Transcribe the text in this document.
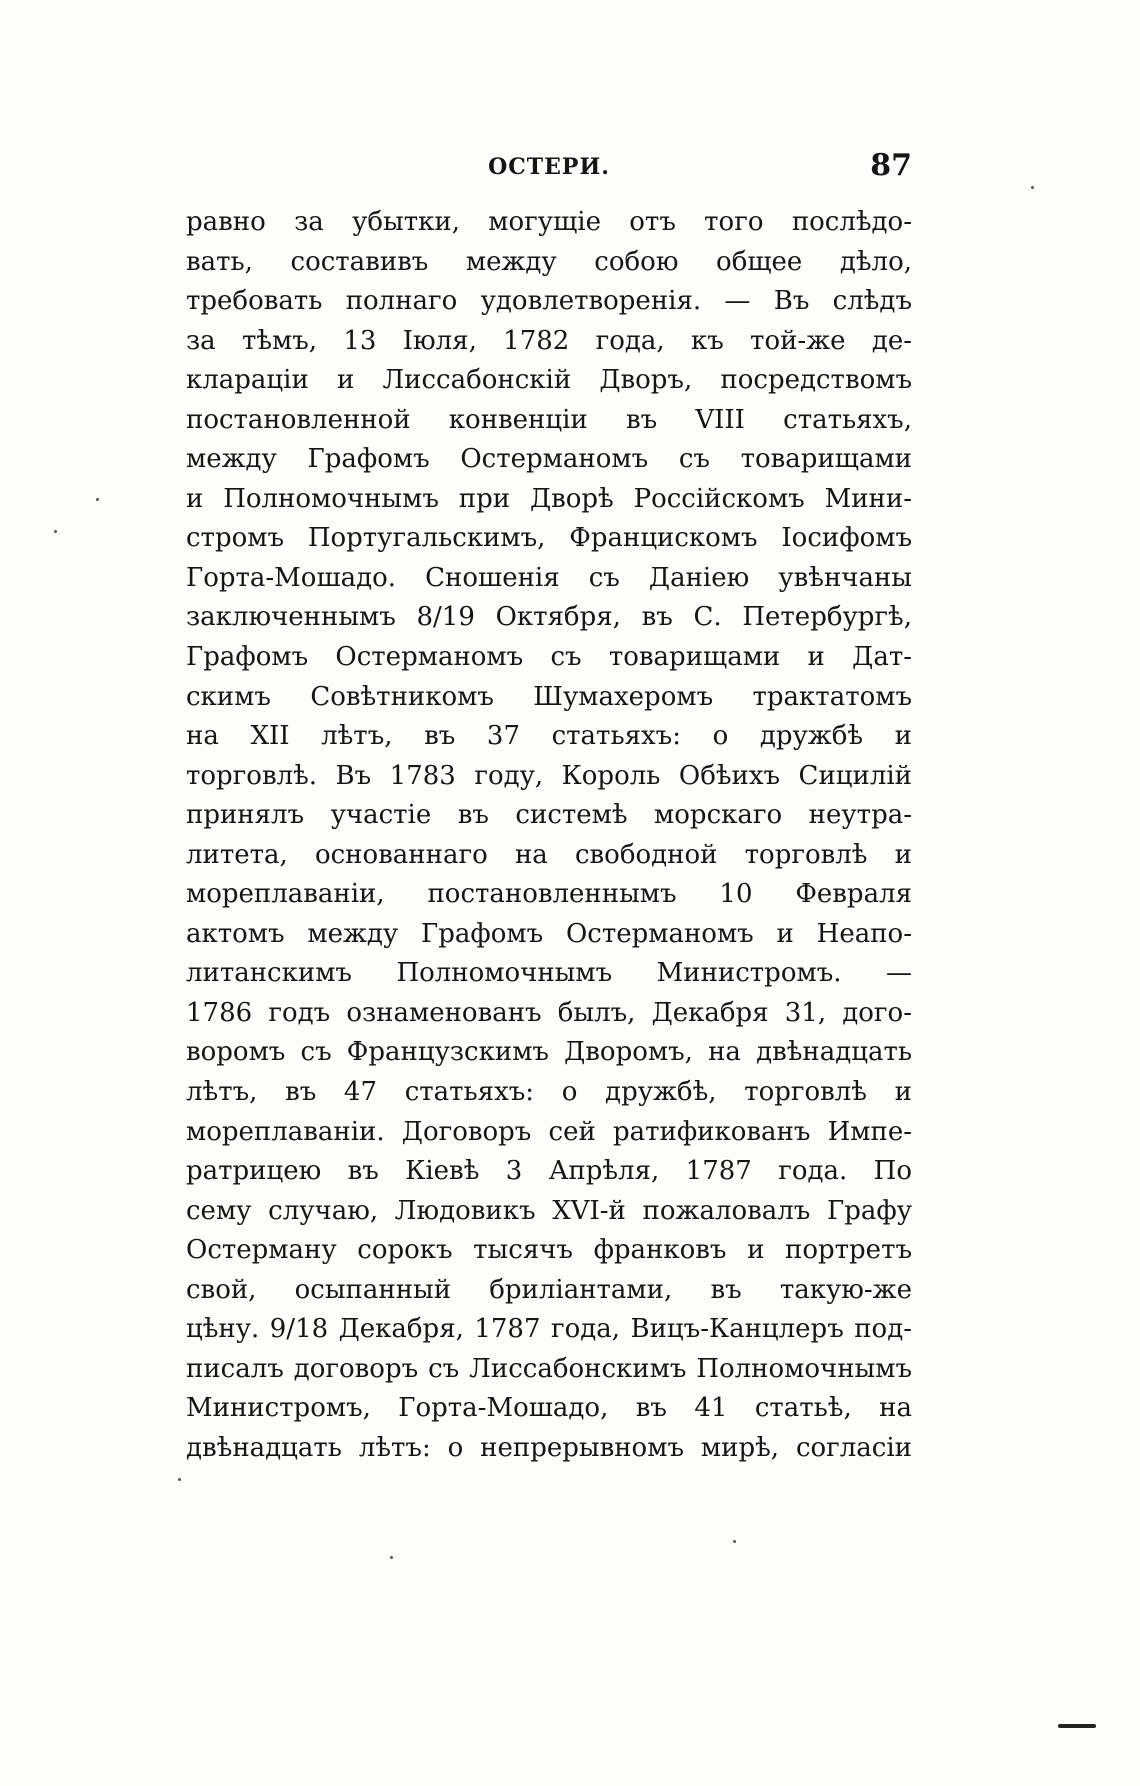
ОСТЕРИ.	87
равно за убытки, могущіе отъ того послѣдо-
вать, составивъ между собою общее дѣло,
требовать полнаго удовлетворенія. — Въ слѣдъ
за тѣмъ, 13 Іюля, 1782 года, къ той-же де-
клараціи и Лиссабонскій Дворъ, посредствомъ
постановленной конвенціи въ VIII статьяхъ,
между Графомъ Остерманомъ съ товарищами
и Полномочнымъ при Дворѣ Россійскомъ Мини-
стромъ Португальскимъ, Францискомъ Іосифомъ
Горта-Мошадо. Сношенія съ Даніею увѣнчаны
заключеннымъ 8/19 Октября, въ С. Петербургѣ,
Графомъ Остерманомъ съ товарищами и Дат-
скимъ Совѣтникомъ Шумахеромъ трактатомъ
на XII лѣтъ, въ 37 статьяхъ: о дружбѣ и
торговлѣ. Въ 1783 году, Король Обѣихъ Сицилій
принялъ участіе въ системѣ морскаго неутра-
литета, основаннаго на свободной торговлѣ и
мореплаваніи, постановленнымъ 10 Февраля
актомъ между Графомъ Остерманомъ и Неапо-
литанскимъ Полномочнымъ Министромъ. —
1786 годъ ознаменованъ былъ, Декабря 31, дого-
воромъ съ Французскимъ Дворомъ, на двѣнадцать
лѣтъ, въ 47 статьяхъ: о дружбѣ, торговлѣ и
мореплаваніи. Договоръ сей ратификованъ Импе-
ратрицею въ Кіевѣ 3 Апрѣля, 1787 года. По
сему случаю, Людовикъ XVI-й пожаловалъ Графу
Остерману сорокъ тысячъ франковъ и портретъ
свой, осыпанный бриліантами, въ такую-же
цѣну. 9/18 Декабря, 1787 года, Вицъ-Канцлеръ под-
писалъ договоръ съ Лиссабонскимъ Полномочнымъ
Министромъ, Горта-Мошадо, въ 41 статьѣ, на
двѣнадцать лѣтъ: о непрерывномъ мирѣ, согласіи
